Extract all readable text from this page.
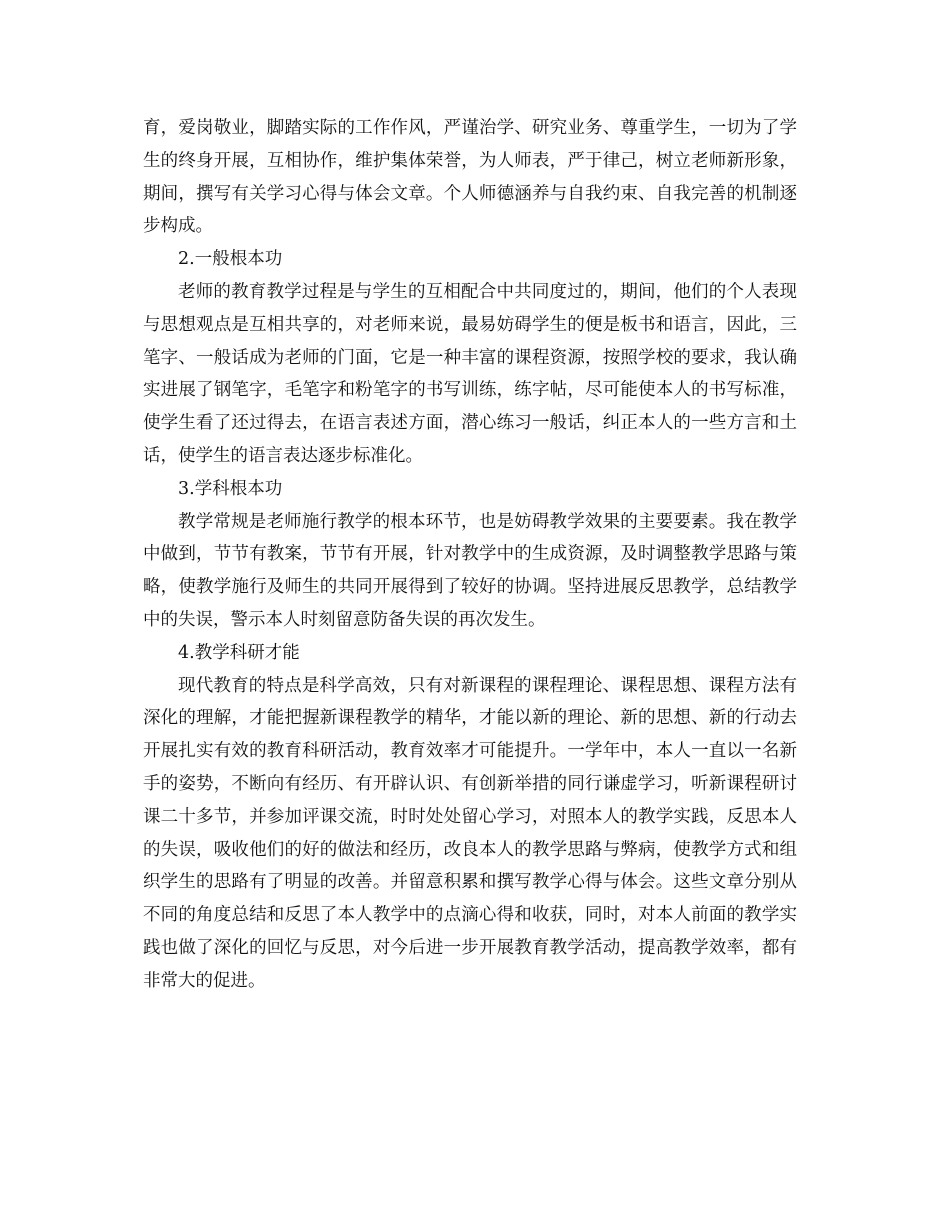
育，爱岗敬业，脚踏实际的工作作风，严谨治学、研究业务、尊重学生，一切为了学生的终身开展，互相协作，维护集体荣誉，为人师表，严于律己，树立老师新形象，期间，撰写有关学习心得与体会文章。个人师德涵养与自我约束、自我完善的机制逐步构成。

2.一般根本功

老师的教育教学过程是与学生的互相配合中共同度过的，期间，他们的个人表现与思想观点是互相共享的，对老师来说，最易妨碍学生的便是板书和语言，因此，三笔字、一般话成为老师的门面，它是一种丰富的课程资源，按照学校的要求，我认确实进展了钢笔字，毛笔字和粉笔字的书写训练，练字帖，尽可能使本人的书写标准，使学生看了还过得去，在语言表述方面，潜心练习一般话，纠正本人的一些方言和土话，使学生的语言表达逐步标准化。

3.学科根本功

教学常规是老师施行教学的根本环节，也是妨碍教学效果的主要要素。我在教学中做到，节节有教案，节节有开展，针对教学中的生成资源，及时调整教学思路与策略，使教学施行及师生的共同开展得到了较好的协调。坚持进展反思教学，总结教学中的失误，警示本人时刻留意防备失误的再次发生。

4.教学科研才能

现代教育的特点是科学高效，只有对新课程的课程理论、课程思想、课程方法有深化的理解，才能把握新课程教学的精华，才能以新的理论、新的思想、新的行动去开展扎实有效的教育科研活动，教育效率才可能提升。一学年中，本人一直以一名新手的姿势，不断向有经历、有开辟认识、有创新举措的同行谦虚学习，听新课程研讨课二十多节，并参加评课交流，时时处处留心学习，对照本人的教学实践，反思本人的失误，吸收他们的好的做法和经历，改良本人的教学思路与弊病，使教学方式和组织学生的思路有了明显的改善。并留意积累和撰写教学心得与体会。这些文章分别从不同的角度总结和反思了本人教学中的点滴心得和收获，同时，对本人前面的教学实践也做了深化的回忆与反思，对今后进一步开展教育教学活动，提高教学效率，都有非常大的促进。
